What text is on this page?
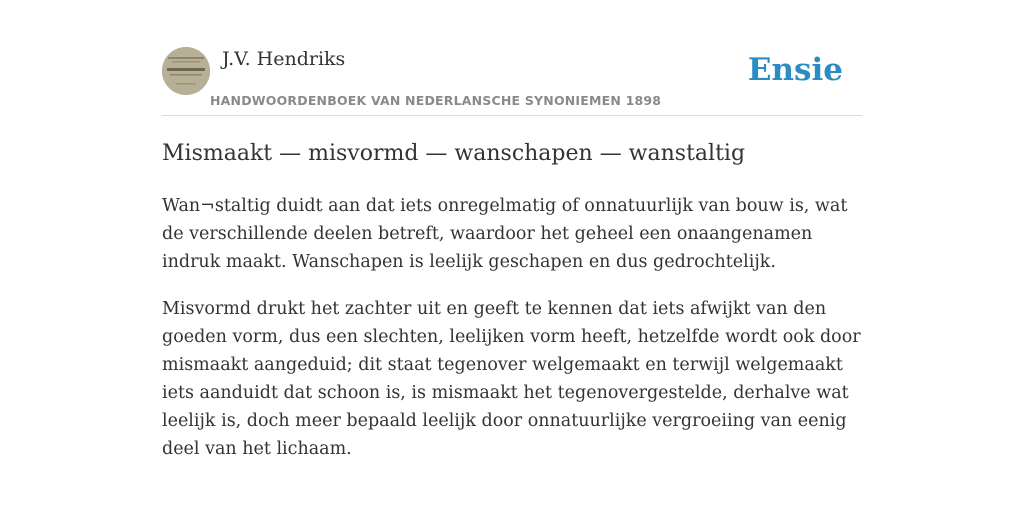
J.V. Hendriks
HANDWOORDENBOEK VAN NEDERLANSCHE SYNONIEMEN 1898
Ensie
Mismaakt — misvormd — wanschapen — wanstaltig

Wan¬staltig duidt aan dat iets onregelmatig of onnatuurlijk van bouw is, wat de verschillende deelen betreft, waardoor het geheel een onaangenamen indruk maakt. Wanschapen is leelijk geschapen en dus gedrochtelijk.

Misvormd drukt het zachter uit en geeft te kennen dat iets afwijkt van den goeden vorm, dus een slechten, leelijken vorm heeft, hetzelfde wordt ook door mismaakt aangeduid; dit staat tegenover welgemaakt en terwijl welgemaakt iets aanduidt dat schoon is, is mismaakt het tegenovergestelde, derhalve wat leelijk is, doch meer bepaald leelijk door onnatuurlijke vergroeiing van eenig deel van het lichaam.
